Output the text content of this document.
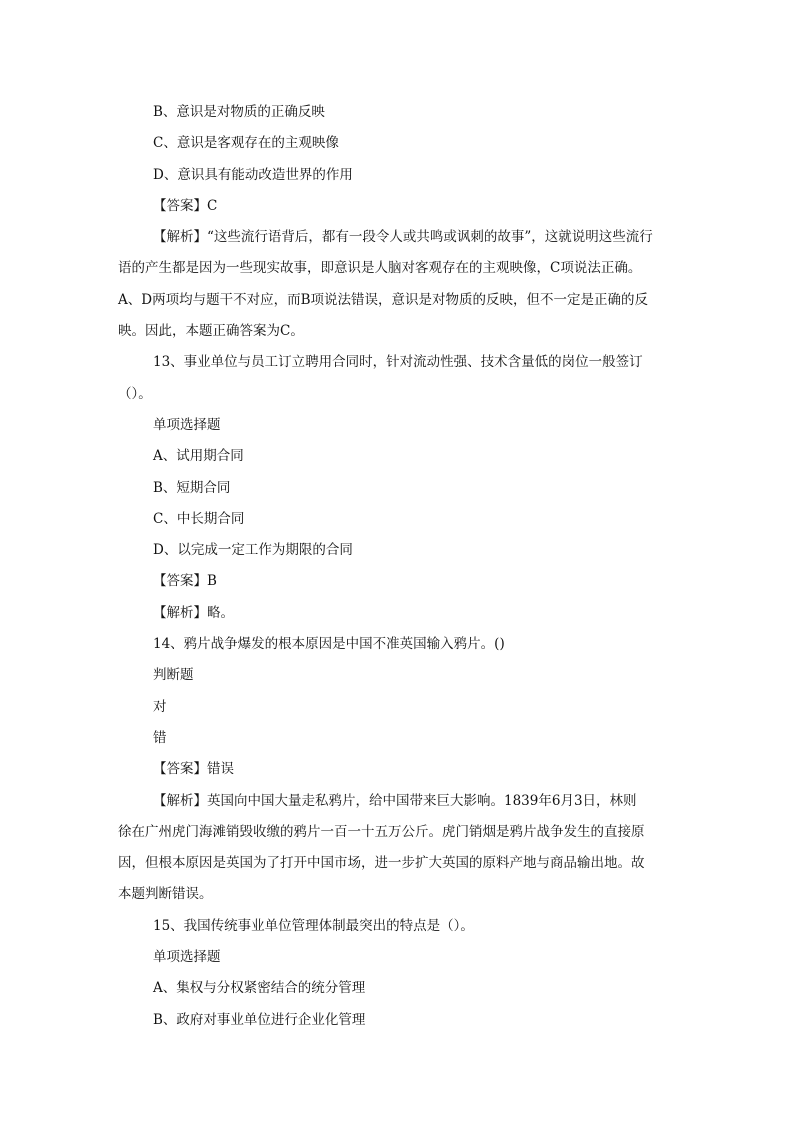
B、意识是对物质的正确反映
C、意识是客观存在的主观映像
D、意识具有能动改造世界的作用
【答案】C
【解析】“这些流行语背后，都有一段令人或共鸣或讽刺的故事”，这就说明这些流行
语的产生都是因为一些现实故事，即意识是人脑对客观存在的主观映像，C项说法正确。
A、D两项均与题干不对应，而B项说法错误，意识是对物质的反映，但不一定是正确的反
映。因此，本题正确答案为C。
13、事业单位与员工订立聘用合同时，针对流动性强、技术含量低的岗位一般签订
（）。
单项选择题
A、试用期合同
B、短期合同
C、中长期合同
D、以完成一定工作为期限的合同
【答案】B
【解析】略。
14、鸦片战争爆发的根本原因是中国不准英国输入鸦片。()
判断题
对
错
【答案】错误
【解析】英国向中国大量走私鸦片，给中国带来巨大影响。1839年6月3日，林则
徐在广州虎门海滩销毁收缴的鸦片一百一十五万公斤。虎门销烟是鸦片战争发生的直接原
因，但根本原因是英国为了打开中国市场，进一步扩大英国的原料产地与商品输出地。故
本题判断错误。
15、我国传统事业单位管理体制最突出的特点是（）。
单项选择题
A、集权与分权紧密结合的统分管理
B、政府对事业单位进行企业化管理
